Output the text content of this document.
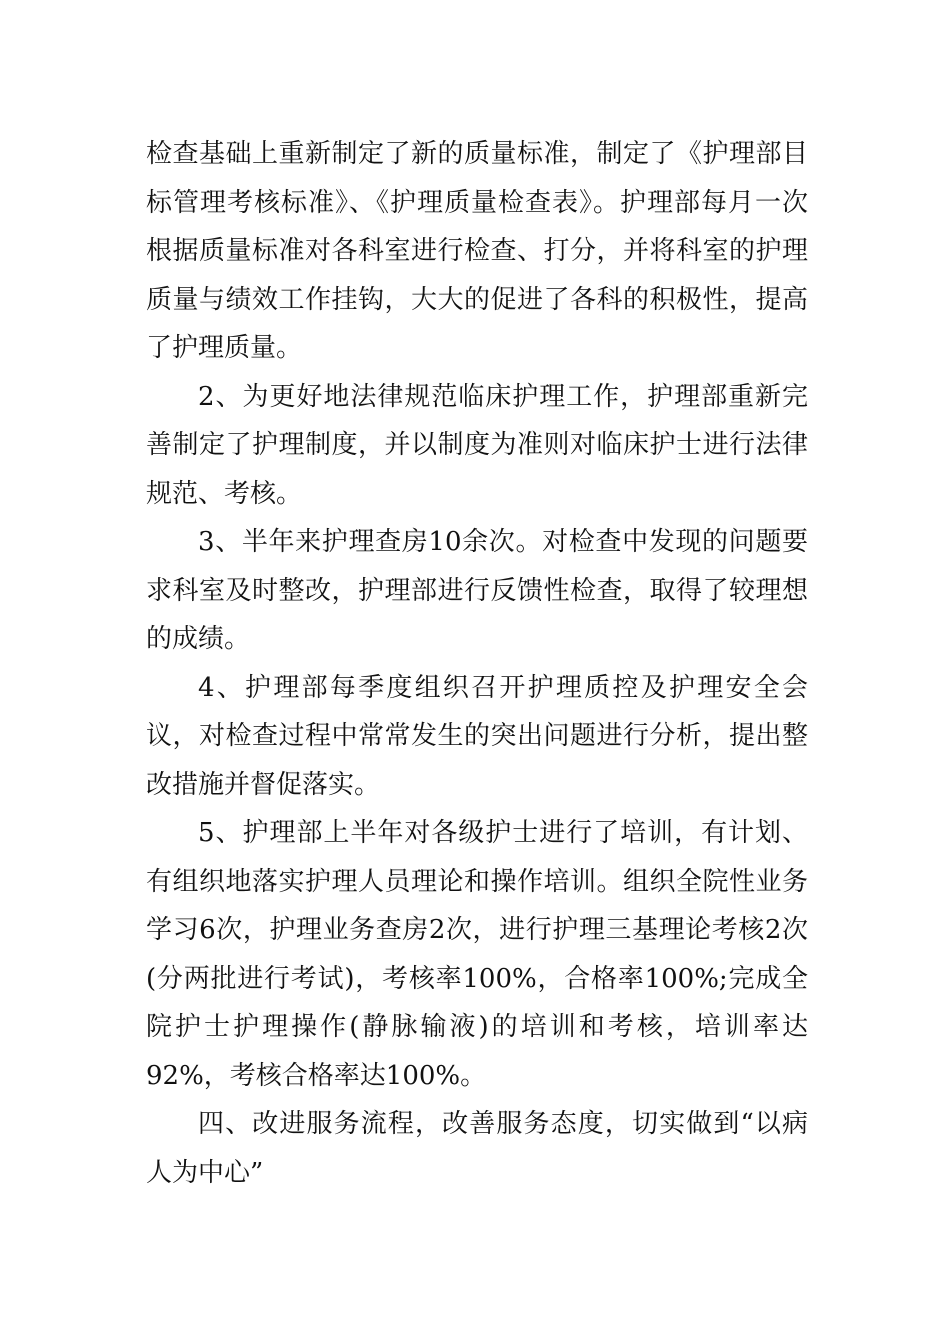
检查基础上重新制定了新的质量标准，制定了《护理部目标管理考核标准》、《护理质量检查表》。护理部每月一次根据质量标准对各科室进行检查、打分，并将科室的护理质量与绩效工作挂钩，大大的促进了各科的积极性，提高了护理质量。

2、为更好地法律规范临床护理工作，护理部重新完善制定了护理制度，并以制度为准则对临床护士进行法律规范、考核。

3、半年来护理查房10余次。对检查中发现的问题要求科室及时整改，护理部进行反馈性检查，取得了较理想的成绩。

4、护理部每季度组织召开护理质控及护理安全会议，对检查过程中常常发生的突出问题进行分析，提出整改措施并督促落实。

5、护理部上半年对各级护士进行了培训，有计划、有组织地落实护理人员理论和操作培训。组织全院性业务学习6次，护理业务查房2次，进行护理三基理论考核2次(分两批进行考试)，考核率100%，合格率100%;完成全院护士护理操作(静脉输液)的培训和考核，培训率达92%，考核合格率达100%。

四、改进服务流程，改善服务态度，切实做到“以病人为中心”
